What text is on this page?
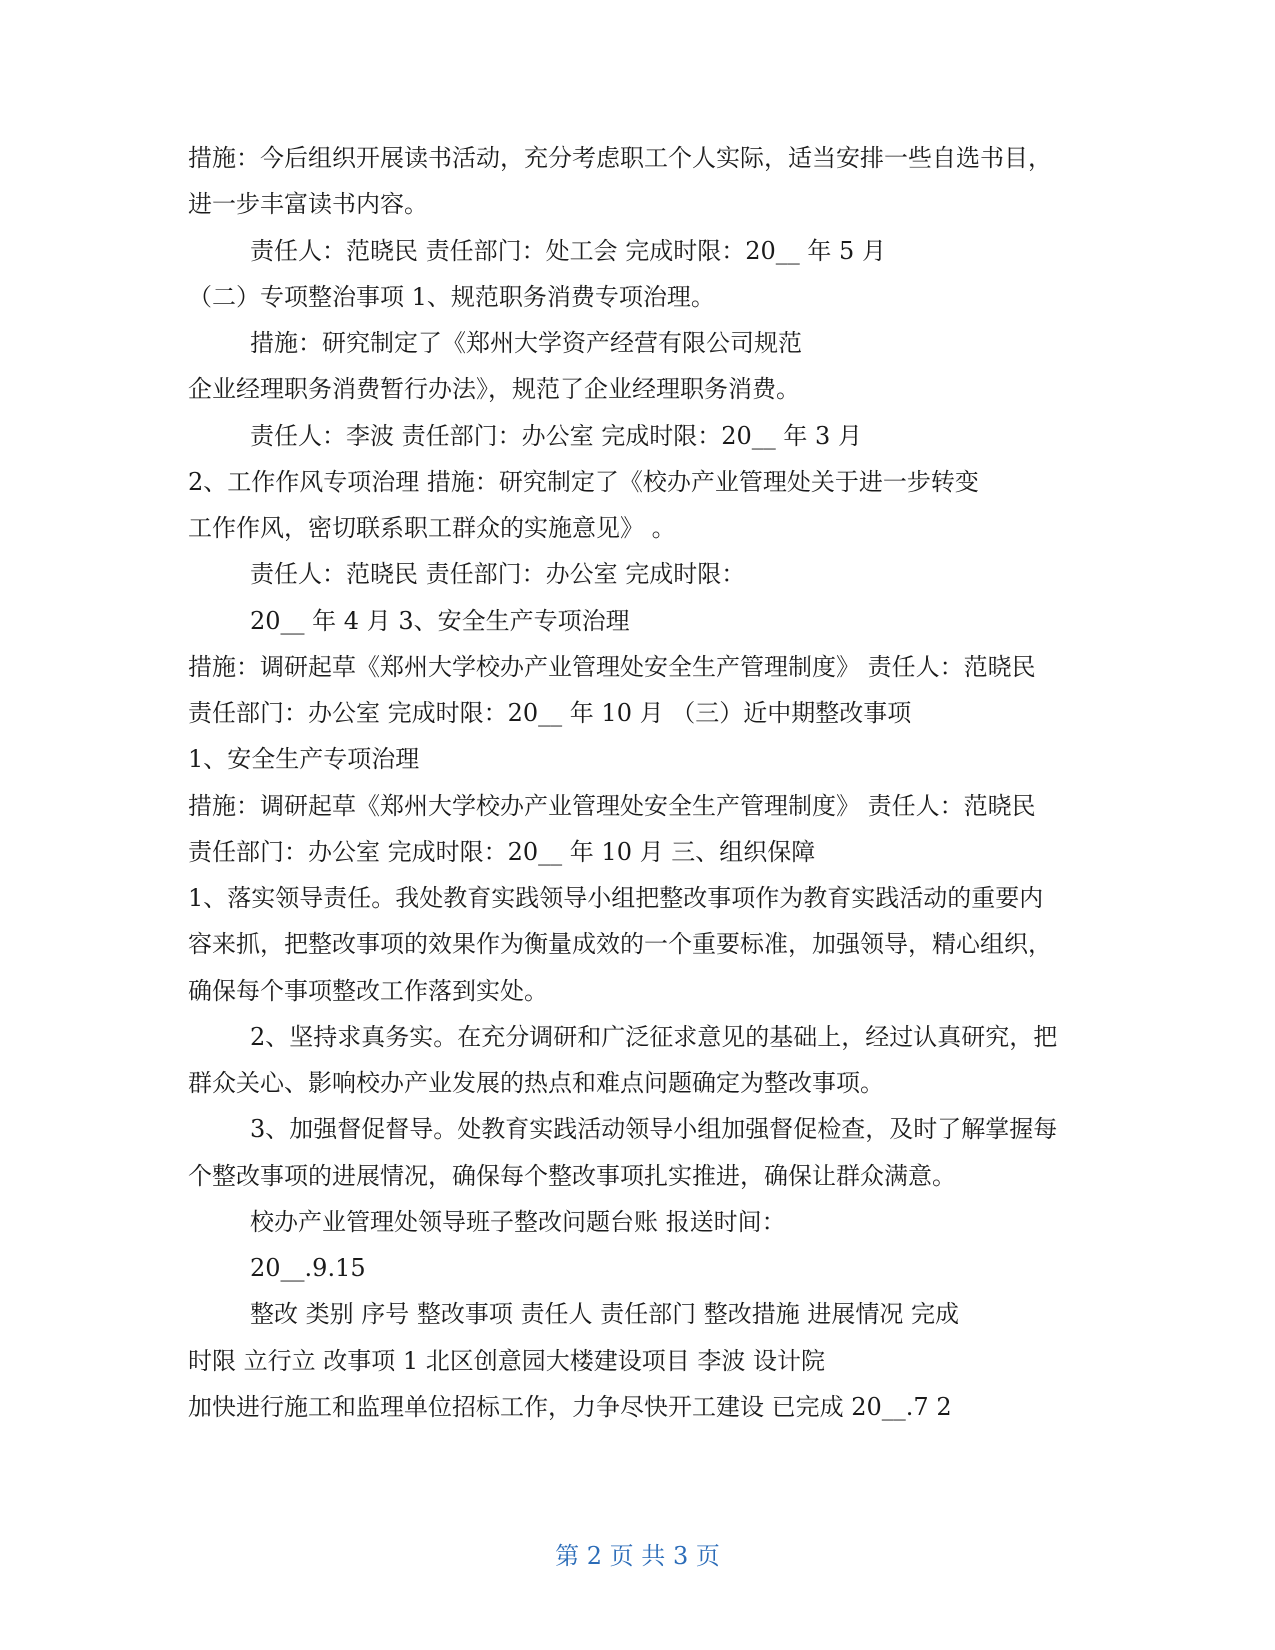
措施：今后组织开展读书活动，充分考虑职工个人实际，适当安排一些自选书目，
进一步丰富读书内容。
责任人：范晓民 责任部门：处工会 完成时限：20__ 年 5 月
（二）专项整治事项 1、规范职务消费专项治理。
措施：研究制定了《郑州大学资产经营有限公司规范
企业经理职务消费暂行办法》，规范了企业经理职务消费。
责任人：李波 责任部门：办公室 完成时限：20__ 年 3 月
2、工作作风专项治理 措施：研究制定了《校办产业管理处关于进一步转变
工作作风，密切联系职工群众的实施意见》 。
责任人：范晓民 责任部门：办公室 完成时限：
20__ 年 4 月 3、安全生产专项治理
措施：调研起草《郑州大学校办产业管理处安全生产管理制度》 责任人：范晓民
责任部门：办公室 完成时限：20__ 年 10 月 （三）近中期整改事项
1、安全生产专项治理
措施：调研起草《郑州大学校办产业管理处安全生产管理制度》 责任人：范晓民
责任部门：办公室 完成时限：20__ 年 10 月 三、组织保障
1、落实领导责任。我处教育实践领导小组把整改事项作为教育实践活动的重要内
容来抓，把整改事项的效果作为衡量成效的一个重要标准，加强领导，精心组织，
确保每个事项整改工作落到实处。
2、坚持求真务实。在充分调研和广泛征求意见的基础上，经过认真研究，把
群众关心、影响校办产业发展的热点和难点问题确定为整改事项。
3、加强督促督导。处教育实践活动领导小组加强督促检查，及时了解掌握每
个整改事项的进展情况，确保每个整改事项扎实推进，确保让群众满意。
校办产业管理处领导班子整改问题台账 报送时间：
20__.9.15
整改 类别 序号 整改事项 责任人 责任部门 整改措施 进展情况 完成
时限 立行立 改事项 1 北区创意园大楼建设项目 李波 设计院
加快进行施工和监理单位招标工作，力争尽快开工建设 已完成 20__.7 2
第 2 页 共 3 页
